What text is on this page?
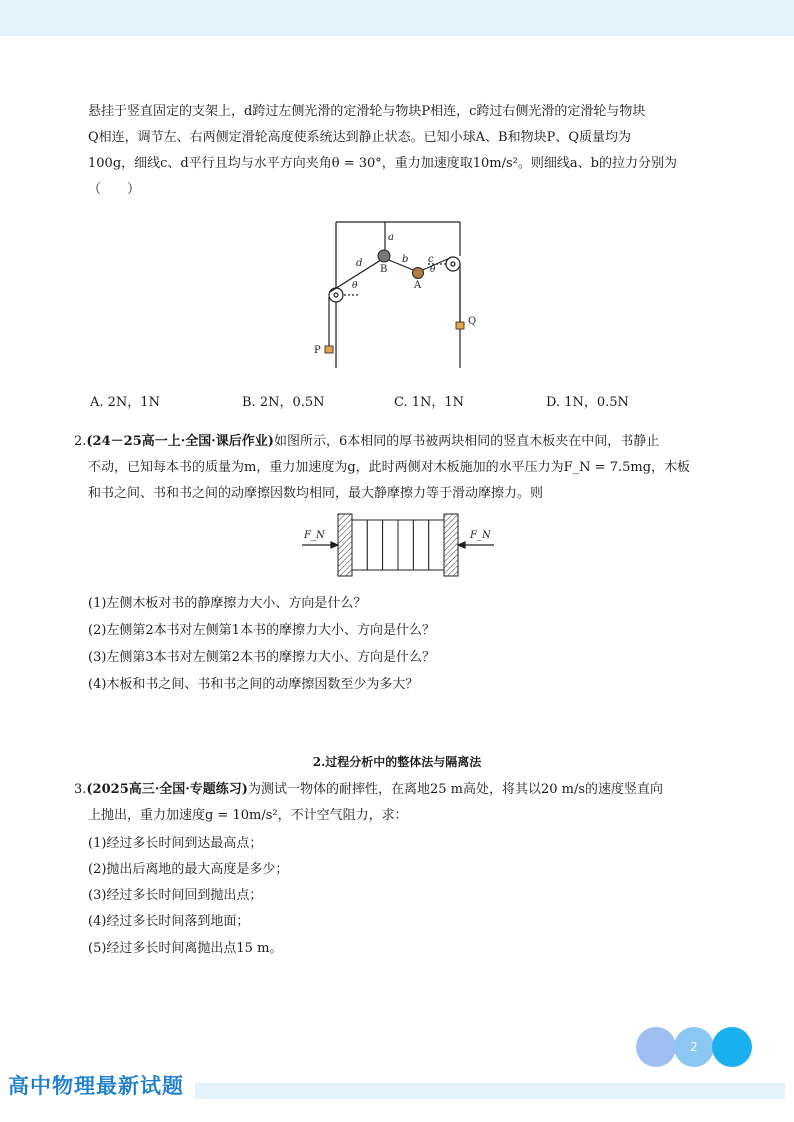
悬挂于竖直固定的支架上，d跨过左侧光滑的定滑轮与物块P相连，c跨过右侧光滑的定滑轮与物块
Q相连，调节左、右两侧定滑轮高度使系统达到静止状态。已知小球A、B和物块P、Q质量均为
100g，细线c、d平行且均与水平方向夹角θ = 30°，重力加速度取10m/s²。则细线a、b的拉力分别为
（　　）
a
B
b c
d
A
P
Q
θ
θ
A. 2N，1N	B. 2N，0.5N	C. 1N，1N	D. 1N，0.5N
2.(24－25高一上·全国·课后作业)如图所示，6本相同的厚书被两块相同的竖直木板夹在中间，书静止
不动，已知每本书的质量为m，重力加速度为g，此时两侧对木板施加的水平压力为F_N = 7.5mg，木板
和书之间、书和书之间的动摩擦因数均相同，最大静摩擦力等于滑动摩擦力。则
F_N	F_N
(1)左侧木板对书的静摩擦力大小、方向是什么？
(2)左侧第2本书对左侧第1本书的摩擦力大小、方向是什么？
(3)左侧第3本书对左侧第2本书的摩擦力大小、方向是什么？
(4)木板和书之间、书和书之间的动摩擦因数至少为多大？
2.过程分析中的整体法与隔离法
3.(2025高三·全国·专题练习)为测试一物体的耐摔性，在离地25 m高处，将其以20 m/s的速度竖直向
上抛出，重力加速度g = 10m/s²，不计空气阻力，求：
(1)经过多长时间到达最高点；
(2)抛出后离地的最大高度是多少；
(3)经过多长时间回到抛出点；
(4)经过多长时间落到地面；
(5)经过多长时间离抛出点15 m。
2
高中物理最新试题
